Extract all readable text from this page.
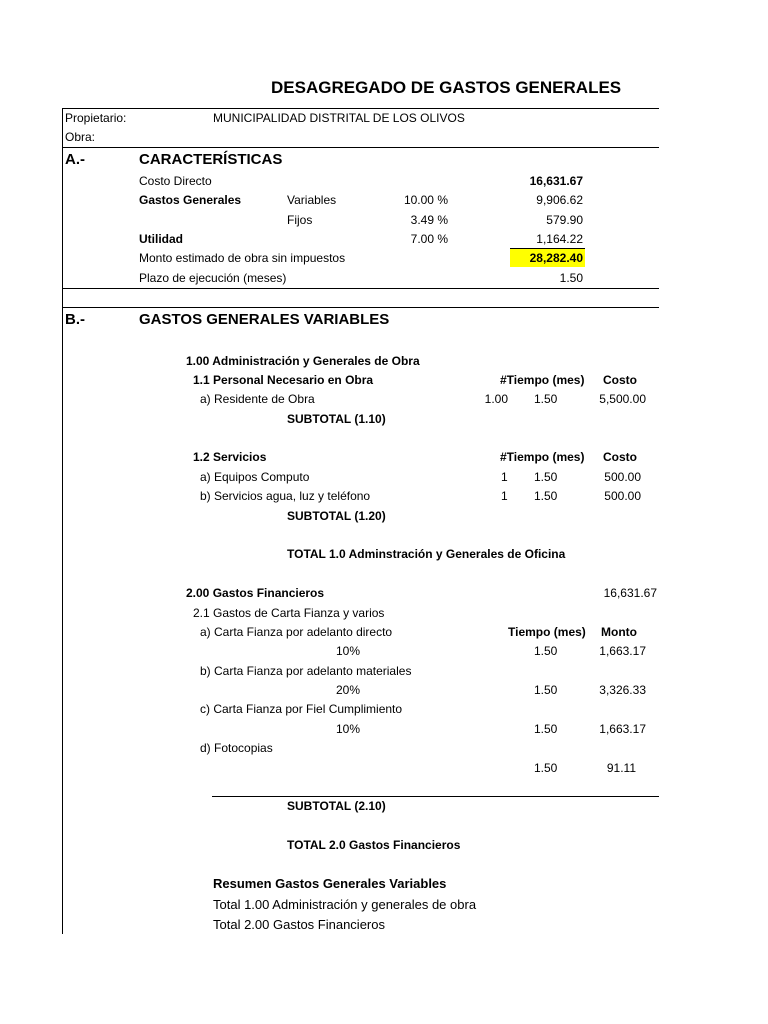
DESAGREGADO DE GASTOS GENERALES
Propietario:	MUNICIPALIDAD DISTRITAL DE LOS OLIVOS
Obra:
A.-	CARACTERÍSTICAS
Costo Directo	16,631.67
Gastos Generales	Variables	10.00 %	9,906.62
Fijos	3.49 %	579.90
Utilidad	7.00 %	1,164.22
Monto estimado de obra sin impuestos	28,282.40
Plazo de ejecución (meses)	1.50
B.-	GASTOS GENERALES VARIABLES
1.00 Administración y Generales de Obra
1.1 Personal Necesario en Obra	#Tiempo (mes) Costo
a) Residente de Obra	1.00 1.50	5,500.00
SUBTOTAL (1.10)
1.2 Servicios	#Tiempo (mes) Costo
a) Equipos Computo	1 1.50	500.00
b) Servicios agua, luz y teléfono	1 1.50	500.00
SUBTOTAL (1.20)
TOTAL 1.0 Adminstración y Generales de Oficina
2.00 Gastos Financieros	16,631.67
2.1 Gastos de Carta Fianza y varios
Tiempo (mes) Monto
a) Carta Fianza por adelanto directo
10%	1.50	1,663.17
b) Carta Fianza por adelanto materiales
20%	1.50	3,326.33
c) Carta Fianza por Fiel Cumplimiento
10%	1.50	1,663.17
d) Fotocopias
1.50	91.11
SUBTOTAL (2.10)
TOTAL 2.0 Gastos Financieros
Resumen Gastos Generales Variables
Total 1.00 Administración y generales de obra
Total 2.00 Gastos Financieros
